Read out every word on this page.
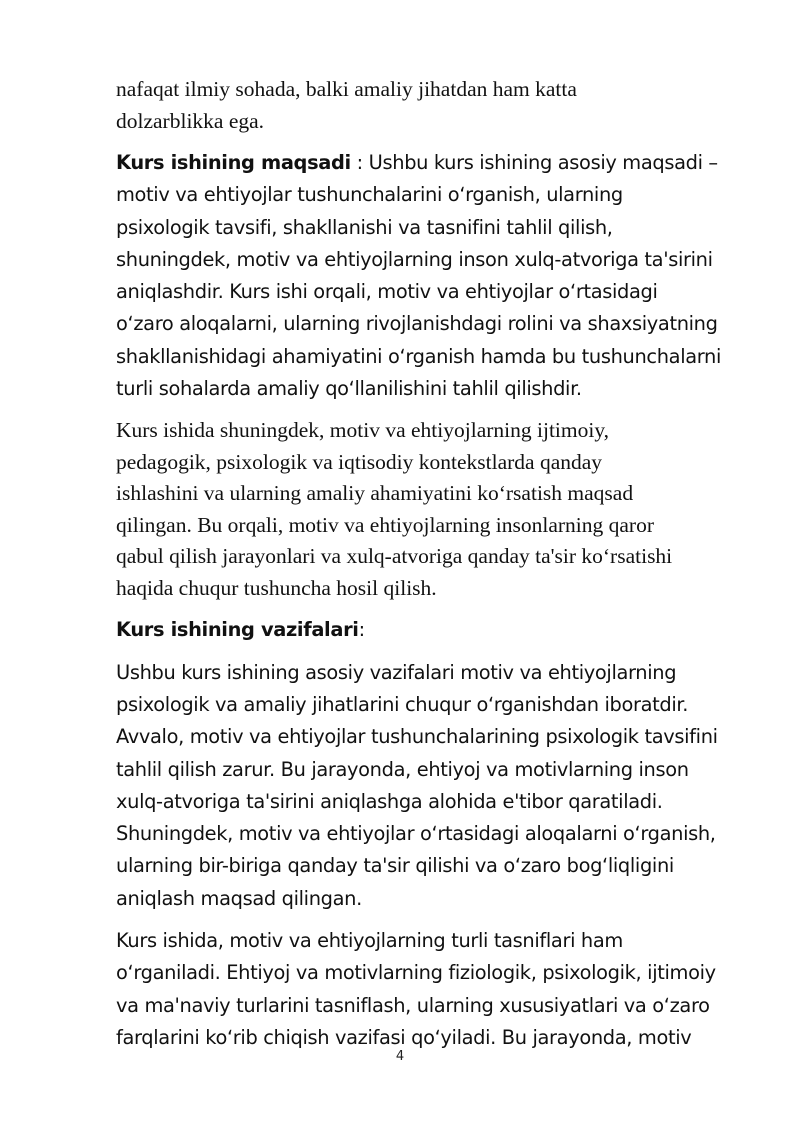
nafaqat ilmiy sohada, balki amaliy jihatdan ham katta
dolzarblikka ega.
Kurs ishining maqsadi : Ushbu kurs ishining asosiy maqsadi –
motiv va ehtiyojlar tushunchalarini oʻrganish, ularning
psixologik tavsifi, shakllanishi va tasnifini tahlil qilish,
shuningdek, motiv va ehtiyojlarning inson xulq-atvoriga ta'sirini
aniqlashdir. Kurs ishi orqali, motiv va ehtiyojlar oʻrtasidagi
oʻzaro aloqalarni, ularning rivojlanishdagi rolini va shaxsiyatning
shakllanishidagi ahamiyatini oʻrganish hamda bu tushunchalarni
turli sohalarda amaliy qoʻllanilishini tahlil qilishdir.
Kurs ishida shuningdek, motiv va ehtiyojlarning ijtimoiy,
pedagogik, psixologik va iqtisodiy kontekstlarda qanday
ishlashini va ularning amaliy ahamiyatini koʻrsatish maqsad
qilingan. Bu orqali, motiv va ehtiyojlarning insonlarning qaror
qabul qilish jarayonlari va xulq-atvoriga qanday ta'sir koʻrsatishi
haqida chuqur tushuncha hosil qilish.
Kurs ishining vazifalari:
Ushbu kurs ishining asosiy vazifalari motiv va ehtiyojlarning
psixologik va amaliy jihatlarini chuqur oʻrganishdan iboratdir.
Avvalo, motiv va ehtiyojlar tushunchalarining psixologik tavsifini
tahlil qilish zarur. Bu jarayonda, ehtiyoj va motivlarning inson
xulq-atvoriga ta'sirini aniqlashga alohida e'tibor qaratiladi.
Shuningdek, motiv va ehtiyojlar oʻrtasidagi aloqalarni oʻrganish,
ularning bir-biriga qanday ta'sir qilishi va oʻzaro bogʻliqligini
aniqlash maqsad qilingan.
Kurs ishida, motiv va ehtiyojlarning turli tasniflari ham
oʻrganiladi. Ehtiyoj va motivlarning fiziologik, psixologik, ijtimoiy
va ma'naviy turlarini tasniflash, ularning xususiyatlari va oʻzaro
farqlarini koʻrib chiqish vazifasi qoʻyiladi. Bu jarayonda, motiv
4
